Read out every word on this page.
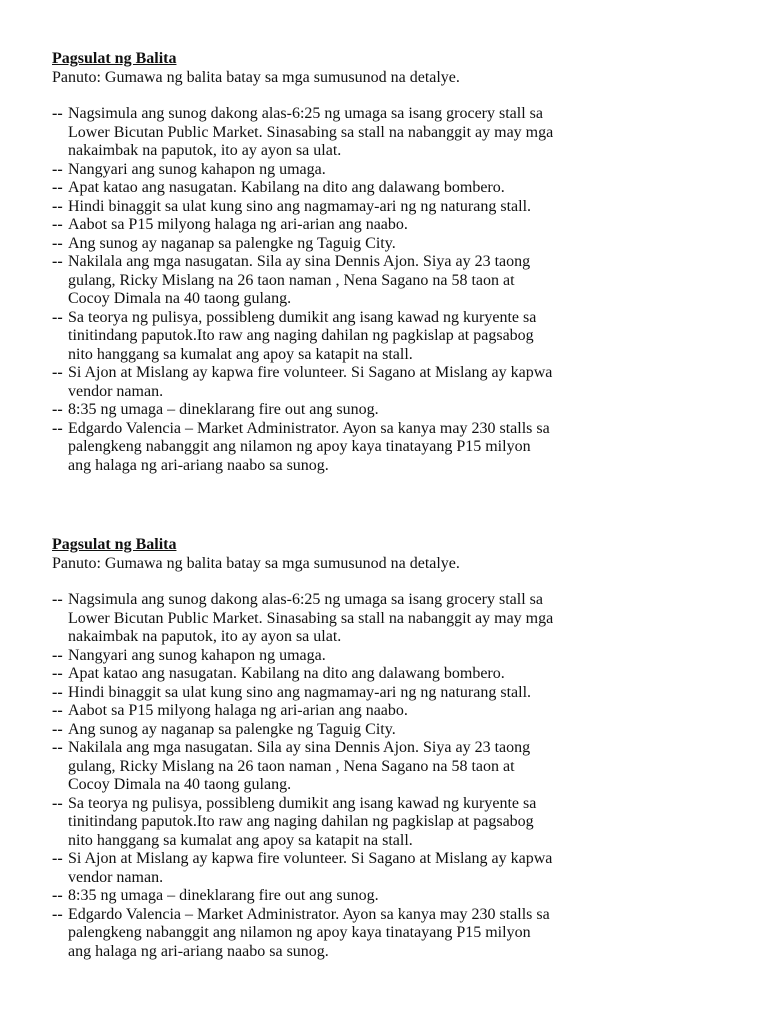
Pagsulat ng Balita

Panuto: Gumawa ng balita batay sa mga sumusunod na detalye.

-- Nagsimula ang sunog dakong alas-6:25 ng umaga sa isang grocery stall sa
Lower Bicutan Public Market. Sinasabing sa stall na nabanggit ay may mga
nakaimbak na paputok, ito ay ayon sa ulat.
-- Nangyari ang sunog kahapon ng umaga.
-- Apat katao ang nasugatan. Kabilang na dito ang dalawang bombero.
-- Hindi binaggit sa ulat kung sino ang nagmamay-ari ng ng naturang stall.
-- Aabot sa P15 milyong halaga ng ari-arian ang naabo.
-- Ang sunog ay naganap sa palengke ng Taguig City.
-- Nakilala ang mga nasugatan. Sila ay sina Dennis Ajon. Siya ay 23 taong
gulang, Ricky Mislang na 26 taon naman , Nena Sagano na 58 taon at
Cocoy Dimala na 40 taong gulang.
-- Sa teorya ng pulisya, possibleng dumikit ang isang kawad ng kuryente sa
tinitindang paputok.Ito raw ang naging dahilan ng pagkislap at pagsabog
nito hanggang sa kumalat ang apoy sa katapit na stall.
-- Si Ajon at Mislang ay kapwa fire volunteer. Si Sagano at Mislang ay kapwa
vendor naman.
-- 8:35 ng umaga – dineklarang fire out ang sunog.
-- Edgardo Valencia – Market Administrator. Ayon sa kanya may 230 stalls sa
palengkeng nabanggit ang nilamon ng apoy kaya tinatayang P15 milyon
ang halaga ng ari-ariang naabo sa sunog.

Pagsulat ng Balita

Panuto: Gumawa ng balita batay sa mga sumusunod na detalye.

-- Nagsimula ang sunog dakong alas-6:25 ng umaga sa isang grocery stall sa
Lower Bicutan Public Market. Sinasabing sa stall na nabanggit ay may mga
nakaimbak na paputok, ito ay ayon sa ulat.
-- Nangyari ang sunog kahapon ng umaga.
-- Apat katao ang nasugatan. Kabilang na dito ang dalawang bombero.
-- Hindi binaggit sa ulat kung sino ang nagmamay-ari ng ng naturang stall.
-- Aabot sa P15 milyong halaga ng ari-arian ang naabo.
-- Ang sunog ay naganap sa palengke ng Taguig City.
-- Nakilala ang mga nasugatan. Sila ay sina Dennis Ajon. Siya ay 23 taong
gulang, Ricky Mislang na 26 taon naman , Nena Sagano na 58 taon at
Cocoy Dimala na 40 taong gulang.
-- Sa teorya ng pulisya, possibleng dumikit ang isang kawad ng kuryente sa
tinitindang paputok.Ito raw ang naging dahilan ng pagkislap at pagsabog
nito hanggang sa kumalat ang apoy sa katapit na stall.
-- Si Ajon at Mislang ay kapwa fire volunteer. Si Sagano at Mislang ay kapwa
vendor naman.
-- 8:35 ng umaga – dineklarang fire out ang sunog.
-- Edgardo Valencia – Market Administrator. Ayon sa kanya may 230 stalls sa
palengkeng nabanggit ang nilamon ng apoy kaya tinatayang P15 milyon
ang halaga ng ari-ariang naabo sa sunog.
